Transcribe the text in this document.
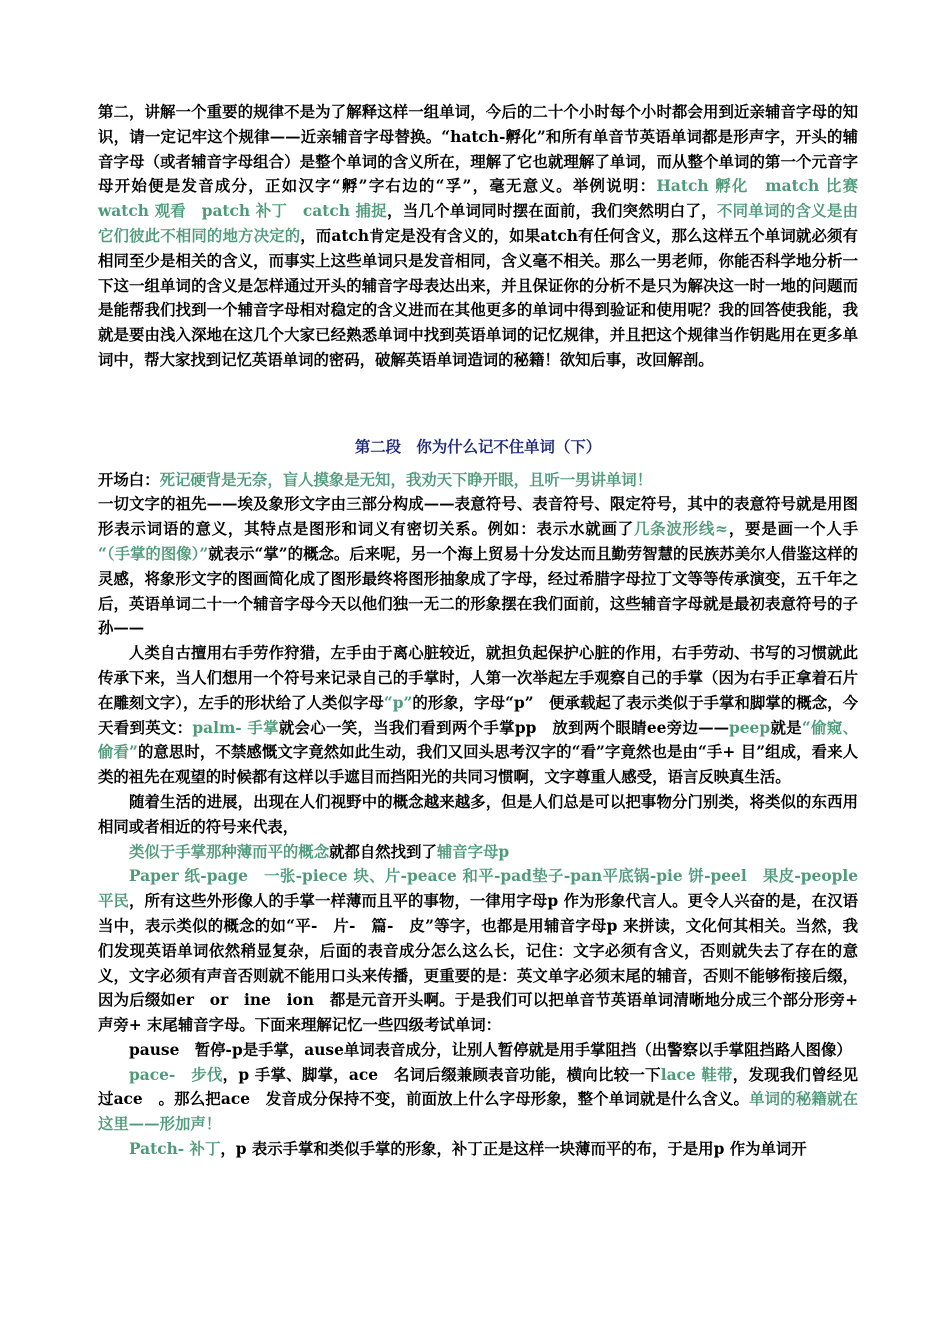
第二，讲解一个重要的规律不是为了解释这样一组单词，今后的二十个小时每个小时都会用到近亲辅音字母的知识，请一定记牢这个规律——近亲辅音字母替换。“hatch-孵化”和所有单音节英语单词都是形声字，开头的辅音字母（或者辅音字母组合）是整个单词的含义所在，理解了它也就理解了单词，而从整个单词的第一个元音字母开始便是发音成分，正如汉字“孵”字右边的“孚”，毫无意义。举例说明：Hatch 孵化　match 比赛　watch 观看　patch 补丁　catch 捕捉，当几个单词同时摆在面前，我们突然明白了，不同单词的含义是由它们彼此不相同的地方决定的，而atch肯定是没有含义的，如果atch有任何含义，那么这样五个单词就必须有相同至少是相关的含义，而事实上这些单词只是发音相同，含义毫不相关。那么一男老师，你能否科学地分析一下这一组单词的含义是怎样通过开头的辅音字母表达出来，并且保证你的分析不是只为解决这一时一地的问题而是能帮我们找到一个辅音字母相对稳定的含义进而在其他更多的单词中得到验证和使用呢？我的回答使我能，我就是要由浅入深地在这几个大家已经熟悉单词中找到英语单词的记忆规律，并且把这个规律当作钥匙用在更多单词中，帮大家找到记忆英语单词的密码，破解英语单词造词的秘籍！欲知后事，改回解剖。

第二段　你为什么记不住单词（下）

开场白：死记硬背是无奈，盲人摸象是无知，我劝天下睁开眼，且听一男讲单词！

一切文字的祖先——埃及象形文字由三部分构成——表意符号、表音符号、限定符号，其中的表意符号就是用图形表示词语的意义，其特点是图形和词义有密切关系。例如：表示水就画了几条波形线≈，要是画一个人手　“（手掌的图像）”就表示“掌”的概念。后来呢，另一个海上贸易十分发达而且勤劳智慧的民族苏美尔人借鉴这样的灵感，将象形文字的图画简化成了图形最终将图形抽象成了字母，经过希腊字母拉丁文等等传承演变，五千年之后，英语单词二十一个辅音字母今天以他们独一无二的形象摆在我们面前，这些辅音字母就是最初表意符号的子孙——

人类自古擅用右手劳作狩猎，左手由于离心脏较近，就担负起保护心脏的作用，右手劳动、书写的习惯就此传承下来，当人们想用一个符号来记录自己的手掌时，人第一次举起左手观察自己的手掌（因为右手正拿着石片在雕刻文字），左手的形状给了人类似字母“p”的形象，字母“p”　便承载起了表示类似于手掌和脚掌的概念，今天看到英文：palm- 手掌就会心一笑，当我们看到两个手掌pp　放到两个眼睛ee旁边——peep就是“偷窥、偷看”的意思时，不禁感慨文字竟然如此生动，我们又回头思考汉字的“看”字竟然也是由“手+ 目”组成，看来人类的祖先在观望的时候都有这样以手遮目而挡阳光的共同习惯啊，文字尊重人感受，语言反映真生活。

随着生活的进展，出现在人们视野中的概念越来越多，但是人们总是可以把事物分门别类，将类似的东西用相同或者相近的符号来代表，

类似于手掌那种薄而平的概念就都自然找到了辅音字母p

Paper 纸-page　一张-piece 块、片-peace 和平-pad垫子-pan平底锅-pie 饼-peel　果皮-people　平民，所有这些外形像人的手掌一样薄而且平的事物，一律用字母p 作为形象代言人。更令人兴奋的是，在汉语当中，表示类似的概念的如“平-　片-　篇-　皮”等字，也都是用辅音字母p 来拼读，文化何其相关。当然，我们发现英语单词依然稍显复杂，后面的表音成分怎么这么长，记住：文字必须有含义，否则就失去了存在的意义，文字必须有声音否则就不能用口头来传播，更重要的是：英文单字必须末尾的辅音，否则不能够衔接后缀，因为后缀如er　or　ine　ion　都是元音开头啊。于是我们可以把单音节英语单词清晰地分成三个部分形旁+ 声旁+ 末尾辅音字母。下面来理解记忆一些四级考试单词：

pause　暂停-p是手掌，ause单词表音成分，让别人暂停就是用手掌阻挡（出警察以手掌阻挡路人图像）

pace-　步伐，p 手掌、脚掌，ace　名词后缀兼顾表音功能，横向比较一下lace 鞋带，发现我们曾经见过ace　。那么把ace　发音成分保持不变，前面放上什么字母形象，整个单词就是什么含义。单词的秘籍就在这里——形加声！

Patch- 补丁，p 表示手掌和类似手掌的形象，补丁正是这样一块薄而平的布，于是用p 作为单词开
